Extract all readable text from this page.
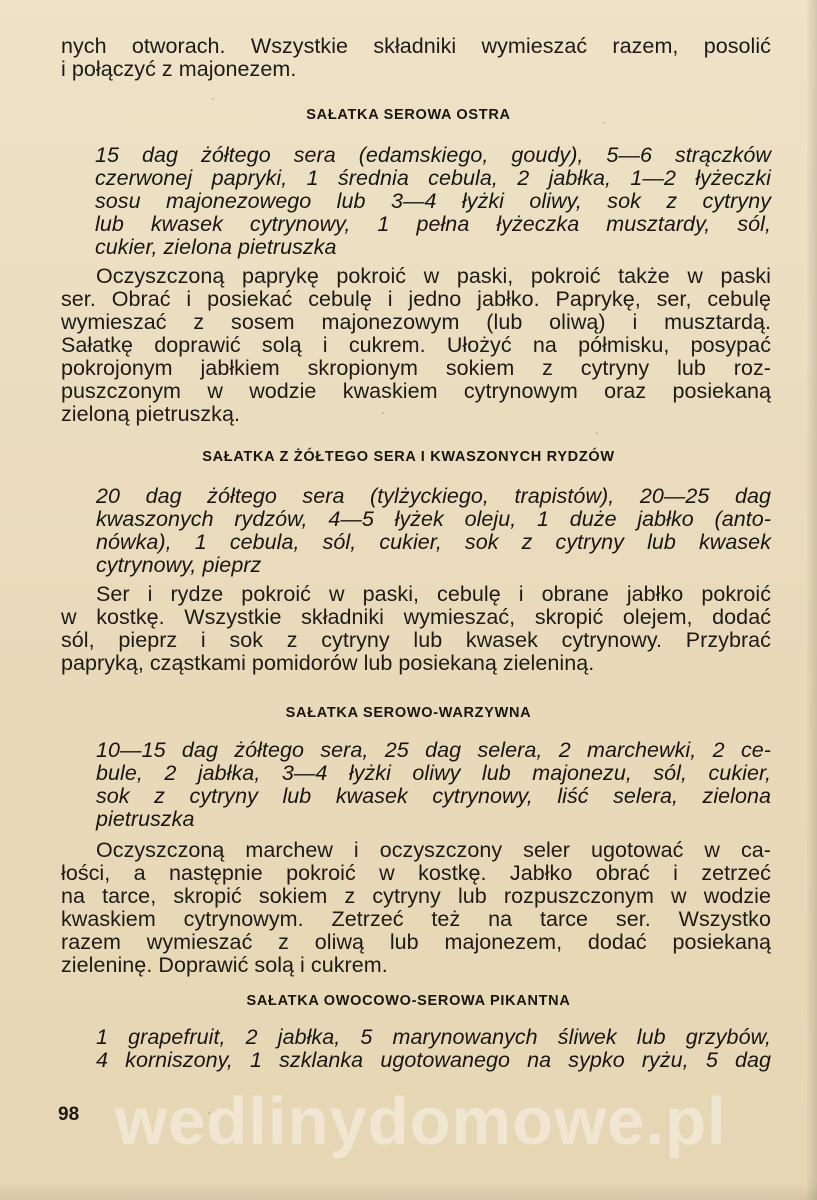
nych otworach. Wszystkie składniki wymieszać razem, posolić
i połączyć z majonezem.
SAŁATKA SEROWA OSTRA
15 dag żółtego sera (edamskiego, goudy), 5—6 strączków
czerwonej papryki, 1 średnia cebula, 2 jabłka, 1—2 łyżeczki
sosu majonezowego lub 3—4 łyżki oliwy, sok z cytryny
lub kwasek cytrynowy, 1 pełna łyżeczka musztardy, sól,
cukier, zielona pietruszka
Oczyszczoną paprykę pokroić w paski, pokroić także w paski
ser. Obrać i posiekać cebulę i jedno jabłko. Paprykę, ser, cebulę
wymieszać z sosem majonezowym (lub oliwą) i musztardą.
Sałatkę doprawić solą i cukrem. Ułożyć na półmisku, posypać
pokrojonym jabłkiem skropionym sokiem z cytryny lub roz-
puszczonym w wodzie kwaskiem cytrynowym oraz posiekaną
zieloną pietruszką.
SAŁATKA Z ŻÓŁTEGO SERA I KWASZONYCH RYDZÓW
20 dag żółtego sera (tylżyckiego, trapistów), 20—25 dag
kwaszonych rydzów, 4—5 łyżek oleju, 1 duże jabłko (anto-
nówka), 1 cebula, sól, cukier, sok z cytryny lub kwasek
cytrynowy, pieprz
Ser i rydze pokroić w paski, cebulę i obrane jabłko pokroić
w kostkę. Wszystkie składniki wymieszać, skropić olejem, dodać
sól, pieprz i sok z cytryny lub kwasek cytrynowy. Przybrać
papryką, cząstkami pomidorów lub posiekaną zieleniną.
SAŁATKA SEROWO-WARZYWNA
10—15 dag żółtego sera, 25 dag selera, 2 marchewki, 2 ce-
bule, 2 jabłka, 3—4 łyżki oliwy lub majonezu, sól, cukier,
sok z cytryny lub kwasek cytrynowy, liść selera, zielona
pietruszka
Oczyszczoną marchew i oczyszczony seler ugotować w ca-
łości, a następnie pokroić w kostkę. Jabłko obrać i zetrzeć
na tarce, skropić sokiem z cytryny lub rozpuszczonym w wodzie
kwaskiem cytrynowym. Zetrzeć też na tarce ser. Wszystko
razem wymieszać z oliwą lub majonezem, dodać posiekaną
zieleninę. Doprawić solą i cukrem.
SAŁATKA OWOCOWO-SEROWA PIKANTNA
1 grapefruit, 2 jabłka, 5 marynowanych śliwek lub grzybów,
4 korniszony, 1 szklanka ugotowanego na sypko ryżu, 5 dag
wedlinydomowe.pl
98
